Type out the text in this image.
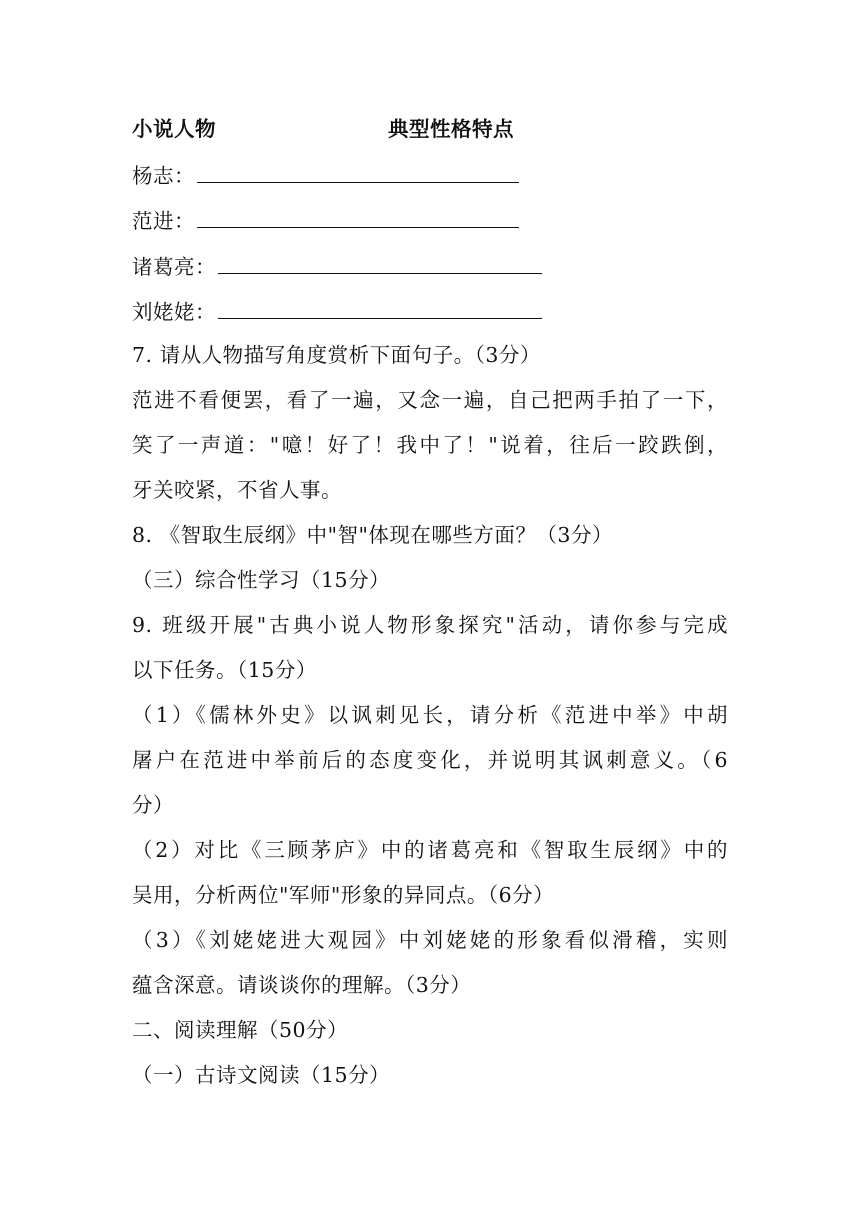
小说人物	典型性格特点
杨志：
范进：
诸葛亮：
刘姥姥：
7. 请从人物描写角度赏析下面句子。（3分）
范进不看便罢，看了一遍，又念一遍，自己把两手拍了一下，
笑了一声道："噫！好了！我中了！"说着，往后一跤跌倒，
牙关咬紧，不省人事。
8. 《智取生辰纲》中"智"体现在哪些方面？（3分）
（三）综合性学习（15分）
9. 班级开展"古典小说人物形象探究"活动，请你参与完成
以下任务。（15分）
（1）《儒林外史》以讽刺见长，请分析《范进中举》中胡
屠户在范进中举前后的态度变化，并说明其讽刺意义。（6
分）
（2）对比《三顾茅庐》中的诸葛亮和《智取生辰纲》中的
吴用，分析两位"军师"形象的异同点。（6分）
（3）《刘姥姥进大观园》中刘姥姥的形象看似滑稽，实则
蕴含深意。请谈谈你的理解。（3分）
二、阅读理解（50分）
（一）古诗文阅读（15分）
